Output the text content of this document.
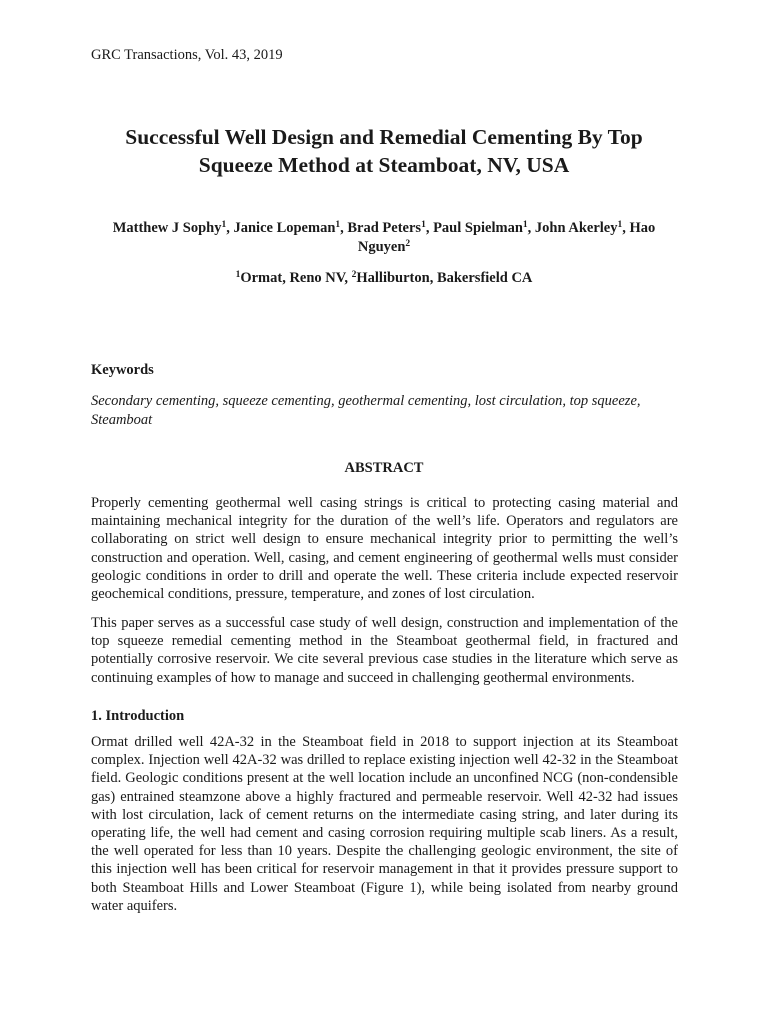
GRC Transactions, Vol. 43, 2019
Successful Well Design and Remedial Cementing By Top
Squeeze Method at Steamboat, NV, USA
Matthew J Sophy$^1$, Janice Lopeman$^1$, Brad Peters$^1$, Paul Spielman$^1$, John Akerley$^1$, Hao Nguyen$^2$
$^1$Ormat, Reno NV, $^2$Halliburton, Bakersfield CA
Keywords
Secondary cementing, squeeze cementing, geothermal cementing, lost circulation, top squeeze, Steamboat
ABSTRACT
Properly cementing geothermal well casing strings is critical to protecting casing material and maintaining mechanical integrity for the duration of the well’s life. Operators and regulators are collaborating on strict well design to ensure mechanical integrity prior to permitting the well’s construction and operation. Well, casing, and cement engineering of geothermal wells must consider geologic conditions in order to drill and operate the well. These criteria include expected reservoir geochemical conditions, pressure, temperature, and zones of lost circulation.
This paper serves as a successful case study of well design, construction and implementation of the top squeeze remedial cementing method in the Steamboat geothermal field, in fractured and potentially corrosive reservoir. We cite several previous case studies in the literature which serve as continuing examples of how to manage and succeed in challenging geothermal environments.
1. Introduction
Ormat drilled well 42A-32 in the Steamboat field in 2018 to support injection at its Steamboat complex. Injection well 42A-32 was drilled to replace existing injection well 42-32 in the Steamboat field. Geologic conditions present at the well location include an unconfined NCG (non-condensible gas) entrained steamzone above a highly fractured and permeable reservoir. Well 42-32 had issues with lost circulation, lack of cement returns on the intermediate casing string, and later during its operating life, the well had cement and casing corrosion requiring multiple scab liners. As a result, the well operated for less than 10 years. Despite the challenging geologic environment, the site of this injection well has been critical for reservoir management in that it provides pressure support to both Steamboat Hills and Lower Steamboat (Figure 1), while being isolated from nearby ground water aquifers.
